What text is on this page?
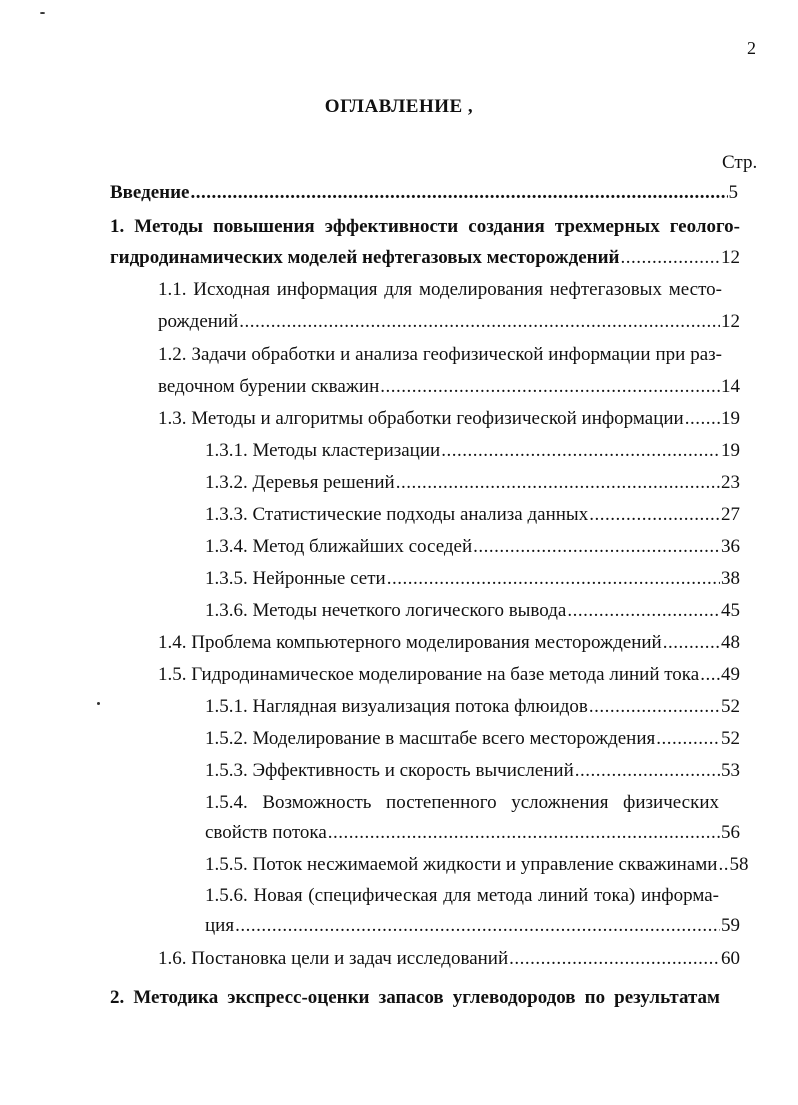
2
ОГЛАВЛЕНИЕ ,
Стр.
Введение .....	5
1. Методы повышения эффективности создания трехмерных геолого-
гидродинамических моделей нефтегазовых месторождений .....	12
1.1. Исходная информация для моделирования нефтегазовых место-
рождений .....	12
1.2. Задачи обработки и анализа геофизической информации при раз-
ведочном бурении скважин .....	14
1.3. Методы и алгоритмы обработки геофизической информации ..... 19
1.3.1. Методы кластеризации .....	19
1.3.2. Деревья решений .....	23
1.3.3. Статистические подходы анализа данных .....	27
1.3.4. Метод ближайших соседей .....	36
1.3.5. Нейронные сети .....	38
1.3.6. Методы нечеткого логического вывода .....	45
1.4. Проблема компьютерного моделирования месторождений .....	48
1.5. Гидродинамическое моделирование на базе метода линий тока ..... 49
1.5.1. Наглядная визуализация потока флюидов .....	52
1.5.2. Моделирование в масштабе всего месторождения .....	52
1.5.3. Эффективность и скорость вычислений .....	53
1.5.4. Возможность постепенного усложнения физических
свойств потока .....	56
1.5.5. Поток несжимаемой жидкости и управление скважинами ..... 58
1.5.6. Новая (специфическая для метода линий тока) информа-
ция .....	59
1.6. Постановка цели и задач исследований .....	60
2. Методика экспресс-оценки запасов углеводородов по результатам
